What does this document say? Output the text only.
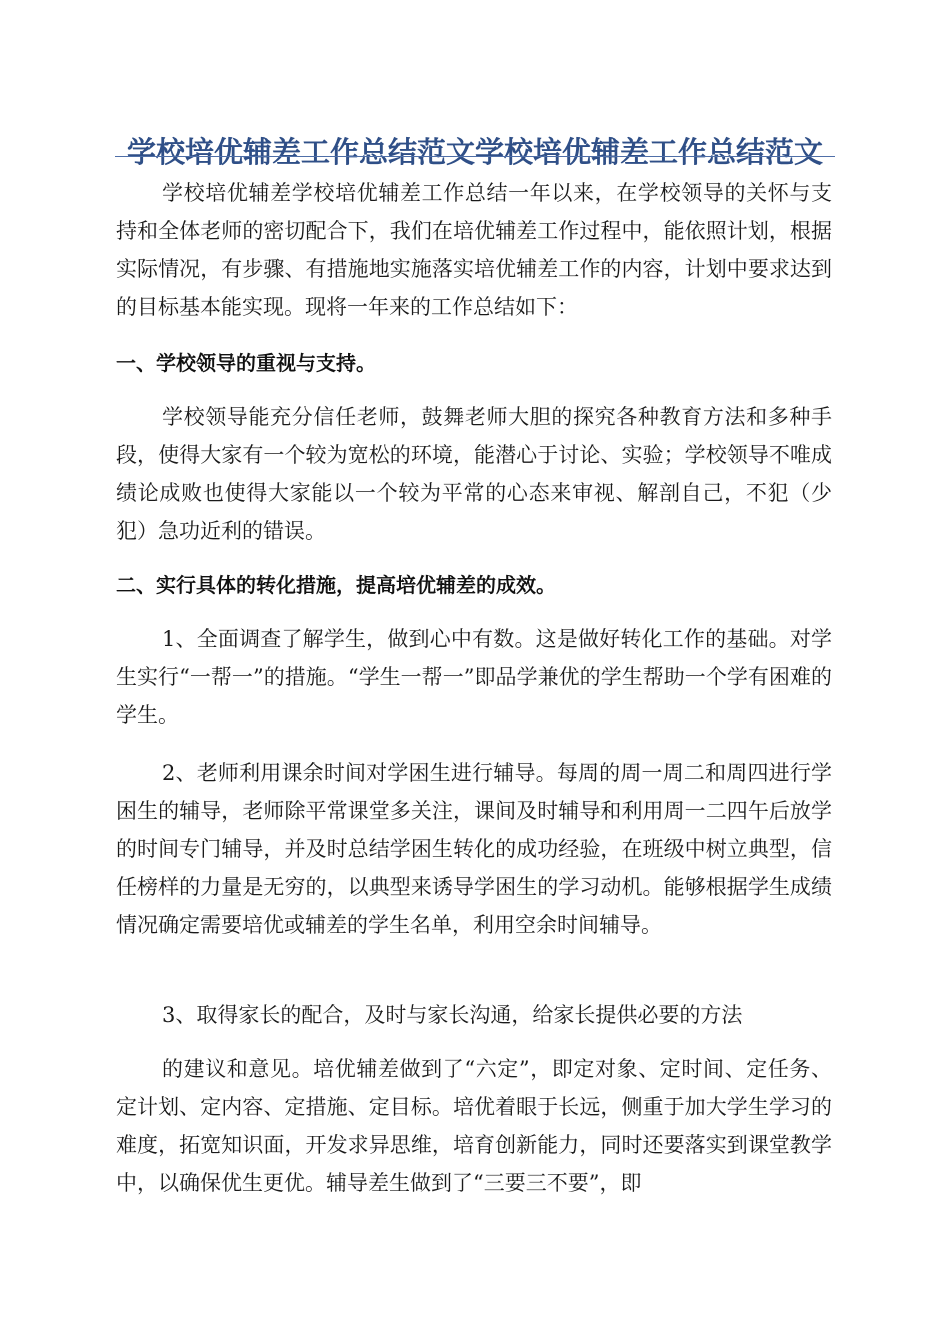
学校培优辅差工作总结范文学校培优辅差工作总结范文

学校培优辅差学校培优辅差工作总结一年以来，在学校领导的关怀与支持和全体老师的密切配合下，我们在培优辅差工作过程中，能依照计划，根据实际情况，有步骤、有措施地实施落实培优辅差工作的内容，计划中要求达到的目标基本能实现。现将一年来的工作总结如下：

一、学校领导的重视与支持。

学校领导能充分信任老师，鼓舞老师大胆的探究各种教育方法和多种手段，使得大家有一个较为宽松的环境，能潜心于讨论、实验；学校领导不唯成绩论成败也使得大家能以一个较为平常的心态来审视、解剖自己，不犯（少犯）急功近利的错误。

二、实行具体的转化措施，提高培优辅差的成效。

1、全面调查了解学生，做到心中有数。这是做好转化工作的基础。对学生实行“一帮一”的措施。“学生一帮一”即品学兼优的学生帮助一个学有困难的学生。

2、老师利用课余时间对学困生进行辅导。每周的周一周二和周四进行学困生的辅导，老师除平常课堂多关注，课间及时辅导和利用周一二四午后放学的时间专门辅导，并及时总结学困生转化的成功经验，在班级中树立典型，信任榜样的力量是无穷的，以典型来诱导学困生的学习动机。能够根据学生成绩情况确定需要培优或辅差的学生名单，利用空余时间辅导。

3、取得家长的配合，及时与家长沟通，给家长提供必要的方法

的建议和意见。培优辅差做到了“六定”，即定对象、定时间、定任务、定计划、定内容、定措施、定目标。培优着眼于长远，侧重于加大学生学习的难度，拓宽知识面，开发求异思维，培育创新能力，同时还要落实到课堂教学中，以确保优生更优。辅导差生做到了“三要三不要”，即
